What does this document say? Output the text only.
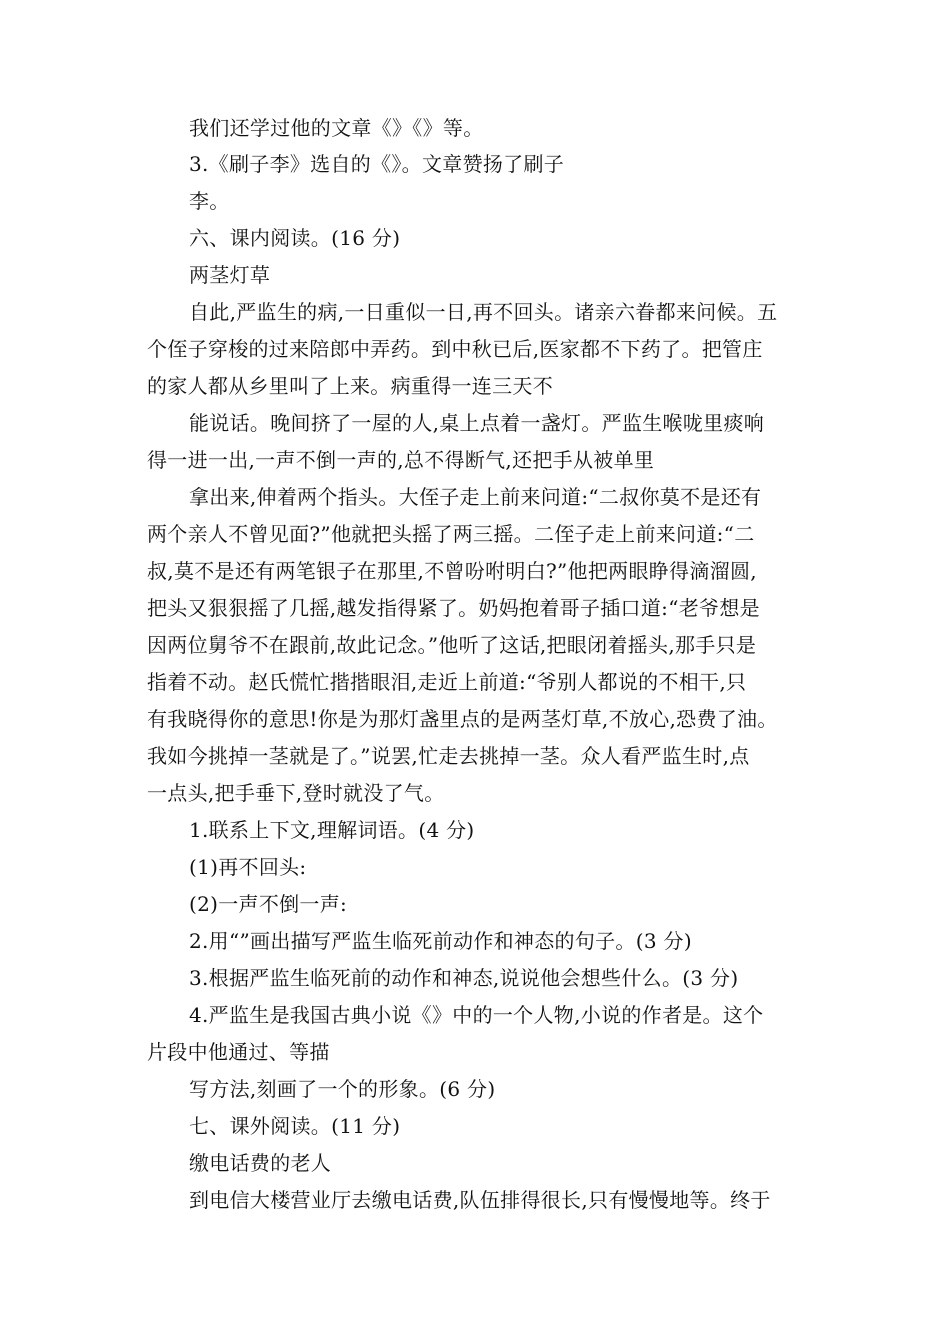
我们还学过他的文章《》《》等。
3.《刷子李》选自的《》。文章赞扬了刷子
李。
六、课内阅读。(16 分)
两茎灯草
自此,严监生的病,一日重似一日,再不回头。诸亲六眷都来问候。五
个侄子穿梭的过来陪郎中弄药。到中秋已后,医家都不下药了。把管庄
的家人都从乡里叫了上来。病重得一连三天不
能说话。晚间挤了一屋的人,桌上点着一盏灯。严监生喉咙里痰响
得一进一出,一声不倒一声的,总不得断气,还把手从被单里
拿出来,伸着两个指头。大侄子走上前来问道:“二叔你莫不是还有
两个亲人不曾见面?”他就把头摇了两三摇。二侄子走上前来问道:“二
叔,莫不是还有两笔银子在那里,不曾吩咐明白?”他把两眼睁得滴溜圆,
把头又狠狠摇了几摇,越发指得紧了。奶妈抱着哥子插口道:“老爷想是
因两位舅爷不在跟前,故此记念。”他听了这话,把眼闭着摇头,那手只是
指着不动。赵氏慌忙揩揩眼泪,走近上前道:“爷别人都说的不相干,只
有我晓得你的意思!你是为那灯盏里点的是两茎灯草,不放心,恐费了油。
我如今挑掉一茎就是了。”说罢,忙走去挑掉一茎。众人看严监生时,点
一点头,把手垂下,登时就没了气。
1.联系上下文,理解词语。(4 分)
(1)再不回头:
(2)一声不倒一声:
2.用“”画出描写严监生临死前动作和神态的句子。(3 分)
3.根据严监生临死前的动作和神态,说说他会想些什么。(3 分)
4.严监生是我国古典小说《》中的一个人物,小说的作者是。这个
片段中他通过、等描
写方法,刻画了一个的形象。(6 分)
七、课外阅读。(11 分)
缴电话费的老人
到电信大楼营业厅去缴电话费,队伍排得很长,只有慢慢地等。终于
